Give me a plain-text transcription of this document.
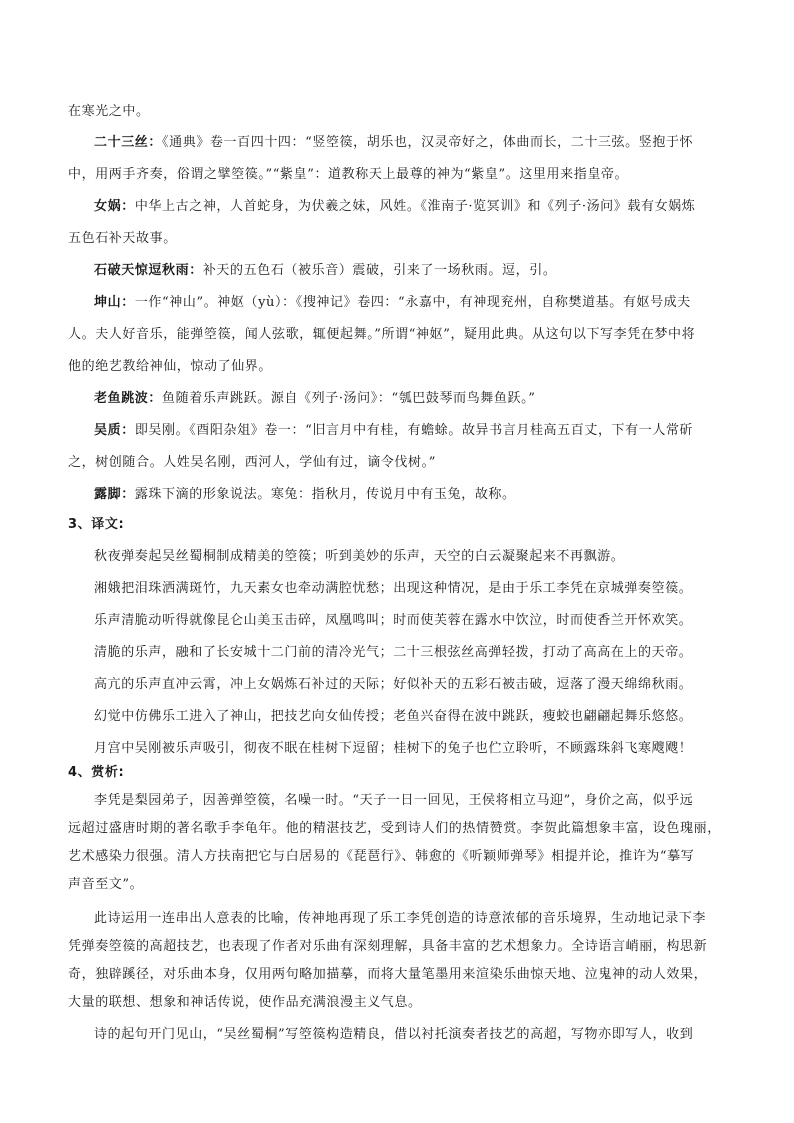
在寒光之中。
二十三丝：《通典》卷一百四十四：“竖箜篌，胡乐也，汉灵帝好之，体曲而长，二十三弦。竖抱于怀
中，用两手齐奏，俗谓之擘箜篌。”“紫皇”：道教称天上最尊的神为“紫皇”。这里用来指皇帝。
女娲：中华上古之神，人首蛇身，为伏羲之妹，风姓。《淮南子·览冥训》和《列子·汤问》载有女娲炼
五色石补天故事。
石破天惊逗秋雨：补天的五色石（被乐音）震破，引来了一场秋雨。逗，引。
坤山：一作“神山”。神妪（yù）：《搜神记》卷四：“永嘉中，有神现兖州，自称樊道基。有妪号成夫
人。夫人好音乐，能弹箜篌，闻人弦歌，辄便起舞。”所谓“神妪”，疑用此典。从这句以下写李凭在梦中将
他的绝艺教给神仙，惊动了仙界。
老鱼跳波：鱼随着乐声跳跃。源自《列子·汤问》：“瓠巴鼓琴而鸟舞鱼跃。”
吴质：即吴刚。《酉阳杂俎》卷一：“旧言月中有桂，有蟾蜍。故异书言月桂高五百丈，下有一人常斫
之，树创随合。人姓吴名刚，西河人，学仙有过，谪令伐树。”
露脚：露珠下滴的形象说法。寒兔：指秋月，传说月中有玉兔，故称。
3、译文:
秋夜弹奏起吴丝蜀桐制成精美的箜篌；听到美妙的乐声，天空的白云凝聚起来不再飘游。
湘娥把泪珠洒满斑竹，九天素女也牵动满腔忧愁；出现这种情况，是由于乐工李凭在京城弹奏箜篌。
乐声清脆动听得就像昆仑山美玉击碎，凤凰鸣叫；时而使芙蓉在露水中饮泣，时而使香兰开怀欢笑。
清脆的乐声，融和了长安城十二门前的清冷光气；二十三根弦丝高弹轻拨，打动了高高在上的天帝。
高亢的乐声直冲云霄，冲上女娲炼石补过的天际；好似补天的五彩石被击破，逗落了漫天绵绵秋雨。
幻觉中仿佛乐工进入了神山，把技艺向女仙传授；老鱼兴奋得在波中跳跃，瘦蛟也翩翩起舞乐悠悠。
月宫中吴刚被乐声吸引，彻夜不眠在桂树下逗留；桂树下的兔子也伫立聆听，不顾露珠斜飞寒飕飕！
4、赏析:
李凭是梨园弟子，因善弹箜篌，名噪一时。“天子一日一回见，王侯将相立马迎”，身价之高，似乎远
远超过盛唐时期的著名歌手李龟年。他的精湛技艺，受到诗人们的热情赞赏。李贺此篇想象丰富，设色瑰丽，
艺术感染力很强。清人方扶南把它与白居易的《琵琶行》、韩愈的《听颖师弹琴》相提并论，推许为“摹写
声音至文”。
此诗运用一连串出人意表的比喻，传神地再现了乐工李凭创造的诗意浓郁的音乐境界，生动地记录下李
凭弹奏箜篌的高超技艺，也表现了作者对乐曲有深刻理解，具备丰富的艺术想象力。全诗语言峭丽，构思新
奇，独辟蹊径，对乐曲本身，仅用两句略加描摹，而将大量笔墨用来渲染乐曲惊天地、泣鬼神的动人效果，
大量的联想、想象和神话传说，使作品充满浪漫主义气息。
诗的起句开门见山，“吴丝蜀桐”写箜篌构造精良，借以衬托演奏者技艺的高超，写物亦即写人，收到
